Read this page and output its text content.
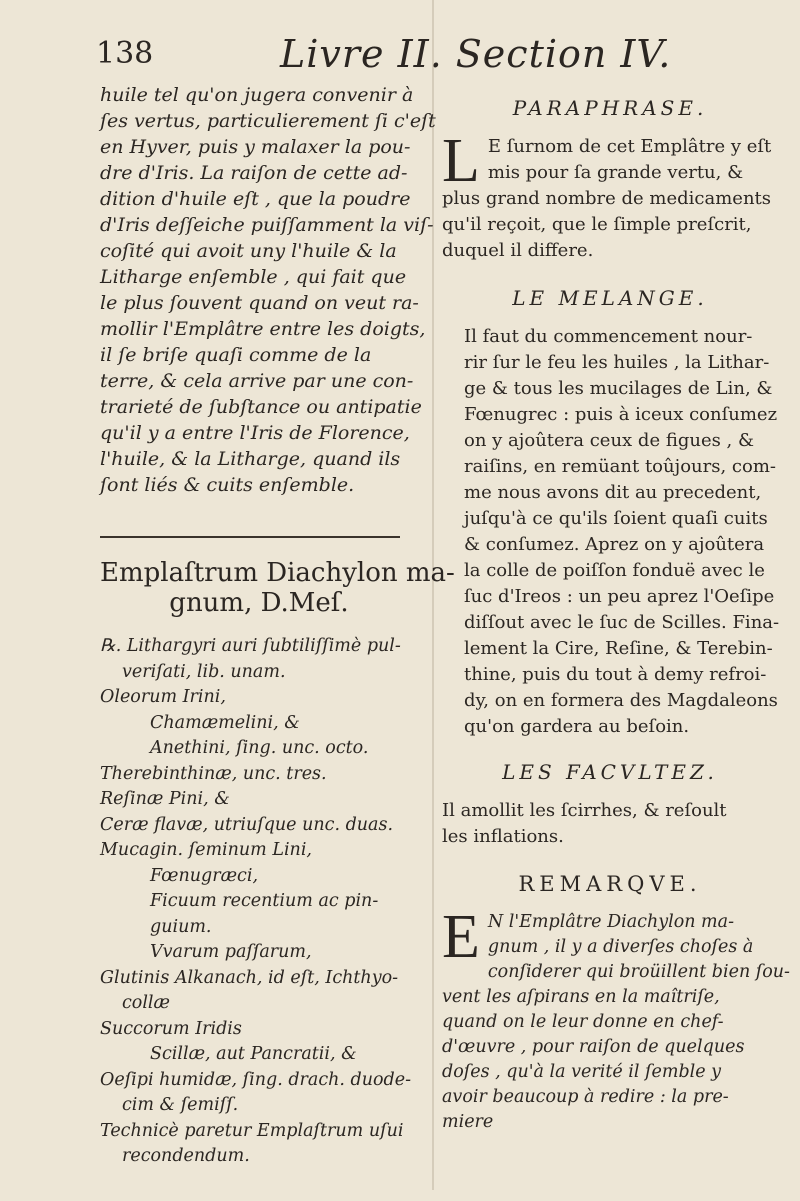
138	Livre II. Section IV.
huile tel qu'on jugera convenir à
ſes vertus, particulierement ſi c'eſt
en Hyver, puis y malaxer la pou-
dre d'Iris. La raiſon de cette ad-
dition d'huile eſt , que la poudre
d'Iris deſſeiche puiſſamment la viſ-
coſité qui avoit uny l'huile & la
Litharge enſemble , qui fait que
le plus ſouvent quand on veut ra-
mollir l'Emplâtre entre les doigts,
il ſe briſe quaſi comme de la
terre, & cela arrive par une con-
trarieté de ſubſtance ou antipatie
qu'il y a entre l'Iris de Florence,
l'huile, & la Litharge, quand ils
ſont liés & cuits enſemble.

Emplaſtrum Diachylon ma-
gnum, D.Meſ.

℞. Lithargyri auri ſubtiliſſimè pul-

veriſati, lib. unam.

Oleorum Irini,

Chamæmelini, &

Anethini, ſing. unc. octo.

Therebinthinæ, unc. tres.

Reſinæ Pini, &

Ceræ flavæ, utriuſque unc. duas.

Mucagin. ſeminum Lini,

Fœnugræci,

Ficuum recentium ac pin-

guium.

Vvarum paſſarum,

Glutinis Alkanach, id eſt, Ichthyo-

collæ

Succorum Iridis

Scillæ, aut Pancratii, &

Oeſipi humidæ, ſing. drach. duode-

cim & ſemiſſ.

Technicè paretur Emplaſtrum uſui

recondendum.

PARAPHRASE.

L E ſurnom de cet Emplâtre y eſt
mis pour ſa grande vertu, &
plus grand nombre de medicaments
qu'il reçoit, que le ſimple preſcrit,
duquel il differe.

LE MELANGE.

Il faut du commencement nour-
rir ſur le feu les huiles , la Lithar-
ge & tous les mucilages de Lin, &
Fœnugrec : puis à iceux conſumez
on y ajoûtera ceux de figues , &
raiſins, en remüant toûjours, com-
me nous avons dit au precedent,
juſqu'à ce qu'ils ſoient quaſi cuits
& conſumez. Aprez on y ajoûtera
la colle de poiſſon fonduë avec le
ſuc d'Ireos : un peu aprez l'Oeſipe
diſſout avec le ſuc de Scilles. Fina-
lement la Cire, Reſine, & Terebin-
thine, puis du tout à demy refroi-
dy, on en formera des Magdaleons
qu'on gardera au beſoin.

LES FACVLTEZ.

Il amollit les ſcirrhes, & reſoult
les inflations.

REMARQVE.

E N l'Emplâtre Diachylon ma-
gnum , il y a diverſes choſes à
conſiderer qui broüillent bien ſou-
vent les aſpirans en la maîtriſe,
quand on le leur donne en chef-
d'œuvre , pour raiſon de quelques
doſes , qu'à la verité il ſemble y
avoir beaucoup à redire : la pre-
miere
